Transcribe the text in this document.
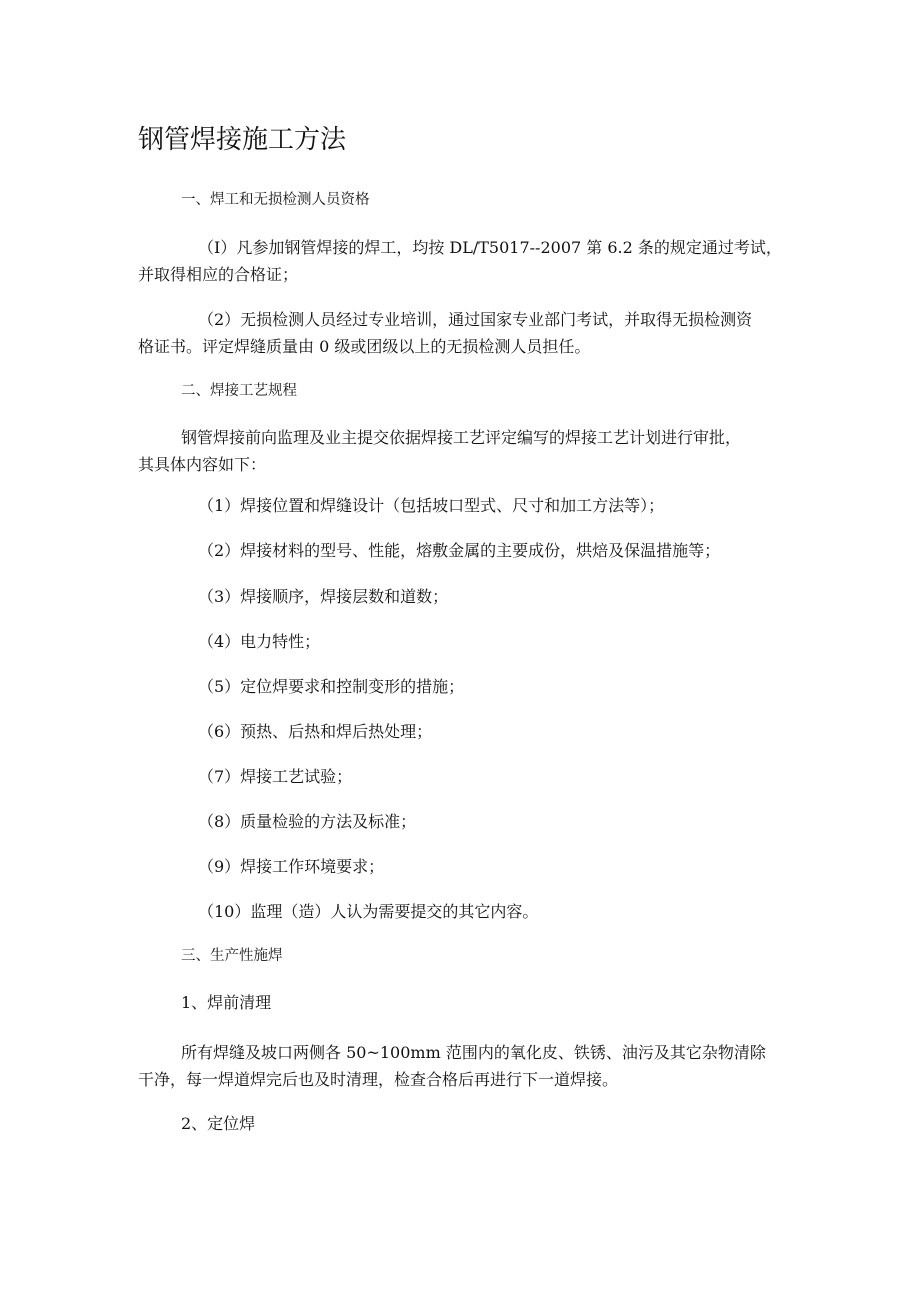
钢管焊接施工方法
一、焊工和无损检测人员资格

（I）凡参加钢管焊接的焊工，均按 DL/T5017--2007 第 6.2 条的规定通过考试，

并取得相应的合格证；

（2）无损检测人员经过专业培训，通过国家专业部门考试，并取得无损检测资

格证书。评定焊缝质量由 0 级或团级以上的无损检测人员担任。

二、焊接工艺规程

钢管焊接前向监理及业主提交依据焊接工艺评定编写的焊接工艺计划进行审批，

其具体内容如下：

（1）焊接位置和焊缝设计（包括坡口型式、尺寸和加工方法等）；

（2）焊接材料的型号、性能，熔敷金属的主要成份，烘焙及保温措施等；

（3）焊接顺序，焊接层数和道数；

（4）电力特性；

（5）定位焊要求和控制变形的措施；

（6）预热、后热和焊后热处理；

（7）焊接工艺试验；

（8）质量检验的方法及标准；

（9）焊接工作环境要求；

（10）监理（造）人认为需要提交的其它内容。

三、生产性施焊

1、焊前清理

所有焊缝及坡口两侧各 50~100mm 范围内的氧化皮、铁锈、油污及其它杂物清除

干净，每一焊道焊完后也及时清理，检查合格后再进行下一道焊接。

2、定位焊
